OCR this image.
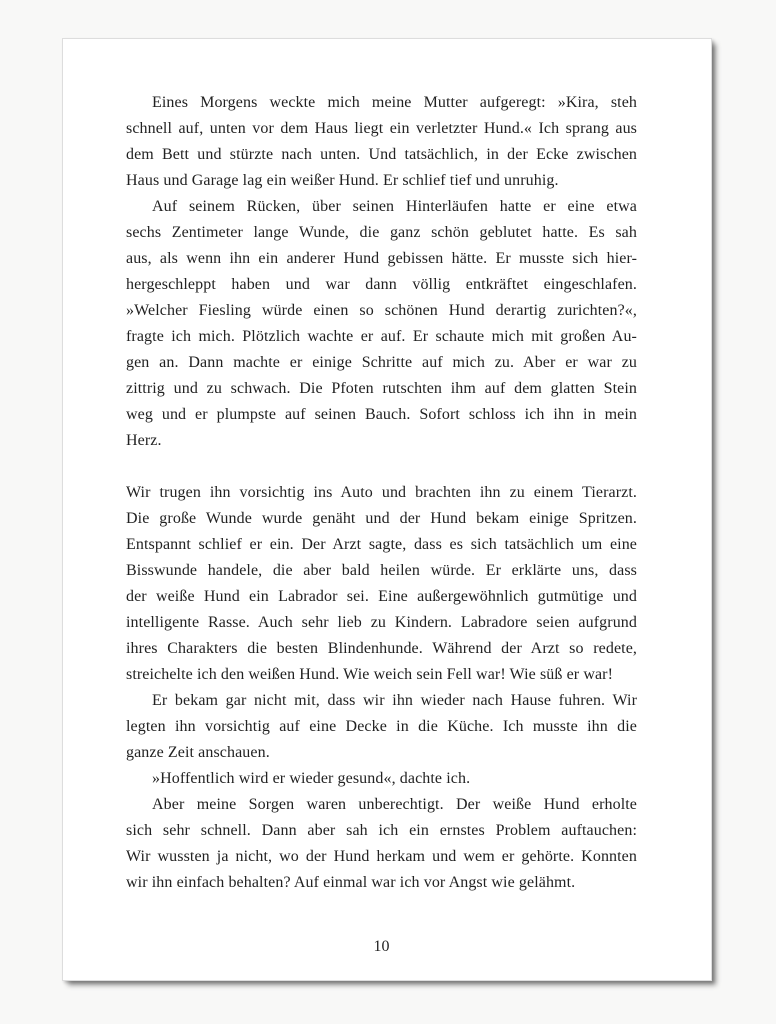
Eines Morgens weckte mich meine Mutter aufgeregt: »Kira, steh
schnell auf, unten vor dem Haus liegt ein verletzter Hund.« Ich sprang aus
dem Bett und stürzte nach unten. Und tatsächlich, in der Ecke zwischen
Haus und Garage lag ein weißer Hund. Er schlief tief und unruhig.
Auf seinem Rücken, über seinen Hinterläufen hatte er eine etwa
sechs Zentimeter lange Wunde, die ganz schön geblutet hatte. Es sah
aus, als wenn ihn ein anderer Hund gebissen hätte. Er musste sich hier-
hergeschleppt haben und war dann völlig entkräftet eingeschlafen.
»Welcher Fiesling würde einen so schönen Hund derartig zurichten?«,
fragte ich mich. Plötzlich wachte er auf. Er schaute mich mit großen Au-
gen an. Dann machte er einige Schritte auf mich zu. Aber er war zu
zittrig und zu schwach. Die Pfoten rutschten ihm auf dem glatten Stein
weg und er plumpste auf seinen Bauch. Sofort schloss ich ihn in mein
Herz.
Wir trugen ihn vorsichtig ins Auto und brachten ihn zu einem Tierarzt.
Die große Wunde wurde genäht und der Hund bekam einige Spritzen.
Entspannt schlief er ein. Der Arzt sagte, dass es sich tatsächlich um eine
Bisswunde handele, die aber bald heilen würde. Er erklärte uns, dass
der weiße Hund ein Labrador sei. Eine außergewöhnlich gutmütige und
intelligente Rasse. Auch sehr lieb zu Kindern. Labradore seien aufgrund
ihres Charakters die besten Blindenhunde. Während der Arzt so redete,
streichelte ich den weißen Hund. Wie weich sein Fell war! Wie süß er war!
Er bekam gar nicht mit, dass wir ihn wieder nach Hause fuhren. Wir
legten ihn vorsichtig auf eine Decke in die Küche. Ich musste ihn die
ganze Zeit anschauen.
»Hoffentlich wird er wieder gesund«, dachte ich.
Aber meine Sorgen waren unberechtigt. Der weiße Hund erholte
sich sehr schnell. Dann aber sah ich ein ernstes Problem auftauchen:
Wir wussten ja nicht, wo der Hund herkam und wem er gehörte. Konnten
wir ihn einfach behalten? Auf einmal war ich vor Angst wie gelähmt.
10
